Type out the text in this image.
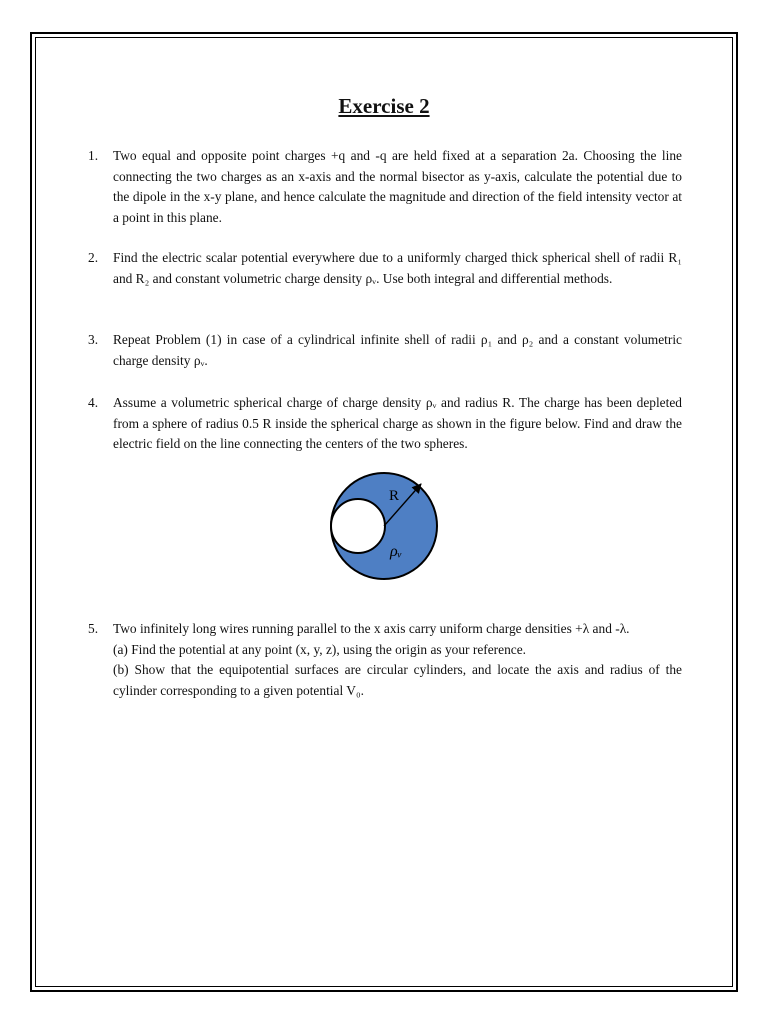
Exercise 2
1.	Two equal and opposite point charges +q and -q are held fixed at a separation 2a. Choosing the line connecting the two charges as an x-axis and the normal bisector as y-axis, calculate the potential due to the dipole in the x-y plane, and hence calculate the magnitude and direction of the field intensity vector at a point in this plane.

2.	Find the electric scalar potential everywhere due to a uniformly charged thick spherical shell of radii R₁ and R₂ and constant volumetric charge density ρᵥ. Use both integral and differential methods.

3.	Repeat Problem (1) in case of a cylindrical infinite shell of radii ρ₁ and ρ₂ and a constant volumetric charge density ρᵥ.

4.	Assume a volumetric spherical charge of charge density ρᵥ and radius R. The charge has been depleted from a sphere of radius 0.5 R inside the spherical charge as shown in the figure below. Find and draw the electric field on the line connecting the centers of the two spheres.

R
ρᵥ
5.	Two infinitely long wires running parallel to the x axis carry uniform charge densities +λ and -λ.

(a) Find the potential at any point (x, y, z), using the origin as your reference.

(b) Show that the equipotential surfaces are circular cylinders, and locate the axis and radius of the cylinder corresponding to a given potential V₀.
